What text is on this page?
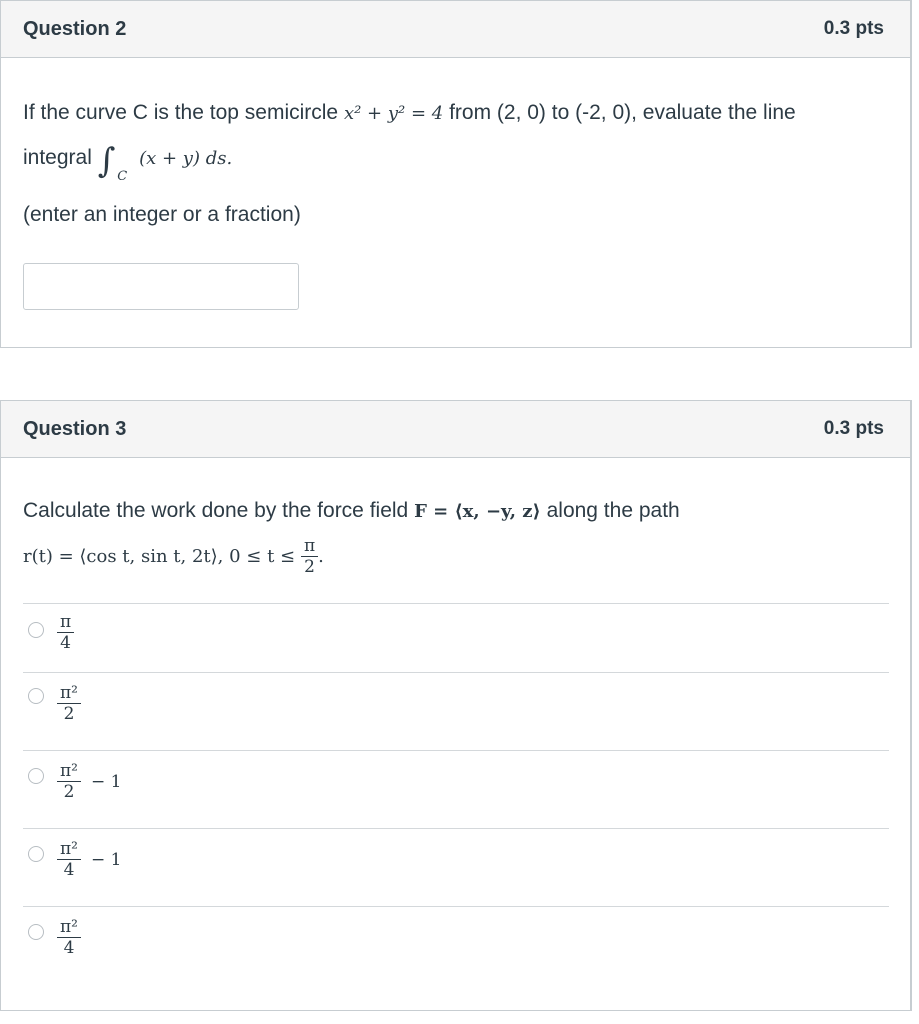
Question 2	0.3 pts
If the curve C is the top semicircle x² + y² = 4 from (2, 0) to (-2, 0), evaluate the line
integral ∫ $_C$ (x + y) ds.
(enter an integer or a fraction)
Question 3	0.3 pts
Calculate the work done by the force field F = ⟨x, −y, z⟩ along the path
r(t) = ⟨cos t, sin t, 2t⟩, $0 \le t \le \frac{\pi}{2}$ .
$\frac{\pi}{4}$
$\frac{\text{π²}}{2}$
$\frac{\text{π²}}{2} - 1$
$\frac{\text{π²}}{4} - 1$
$\frac{\text{π²}}{4}$
